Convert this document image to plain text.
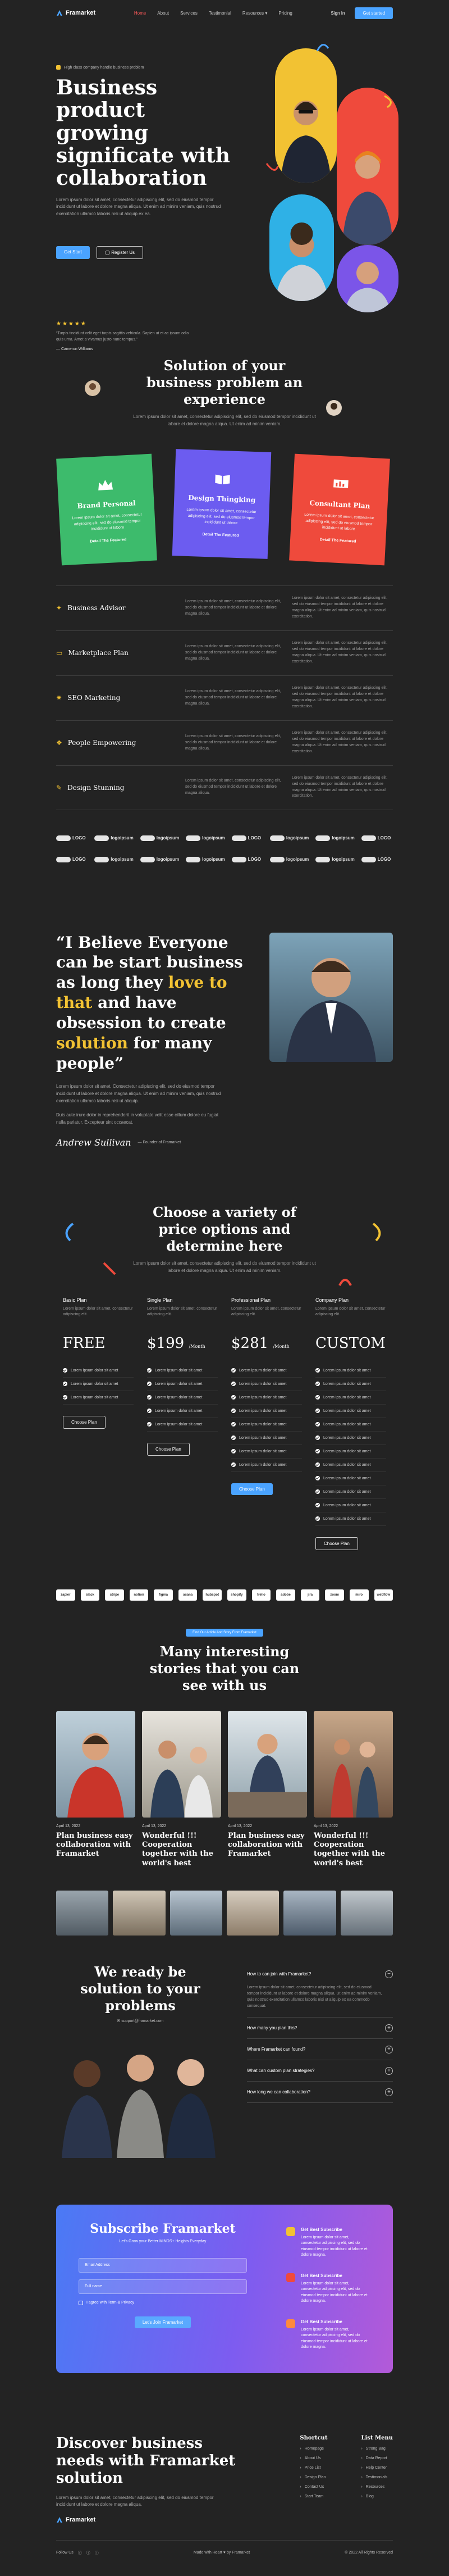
Framarket	Home	About	Services	Testimonial	Resources ▾	Pricing	Sign In	Get started
High class company handle business problem
Business product growing significate with collaboration

Lorem ipsum dolor sit amet, consectetur adipiscing elit, sed do eiusmod tempor incididunt ut labore et dolore magna aliqua. Ut enim ad minim veniam, quis nostrud exercitation ullamco laboris nisi ut aliquip ex ea.

Get Start	◯ Register Us
★★★★★

“Turpis tincidunt velit eget turpis sagittis vehicula. Sapien ut et ac ipsum odio quis urna. Amet a vivamus justo nunc tempus.”

— Cameron Williams

Solution of your business problem an experience

Lorem ipsum dolor sit amet, consectetur adipiscing elit, sed do eiusmod tempor incididunt ut labore et dolore magna aliqua. Ut enim ad minim veniam.

Brand Personal

Lorem ipsum dolor sit amet, consectetur adipiscing elit, sed do eiusmod tempor incididunt ut labore

Detail The Featured
Design Thingking

Lorem ipsum dolor sit amet, consectetur adipiscing elit, sed do eiusmod tempor incididunt ut labore

Detail The Featured
Consultant Plan

Lorem ipsum dolor sit amet, consectetur adipiscing elit, sed do eiusmod tempor incididunt ut labore

Detail The Featured
✦ Business Advisor

Lorem ipsum dolor sit amet, consectetur adipiscing elit, sed do eiusmod tempor incididunt ut labore et dolore magna aliqua.

Lorem ipsum dolor sit amet, consectetur adipiscing elit, sed do eiusmod tempor incididunt ut labore et dolore magna aliqua. Ut enim ad minim veniam, quis nostrud exercitation.

▭ Marketplace Plan

Lorem ipsum dolor sit amet, consectetur adipiscing elit, sed do eiusmod tempor incididunt ut labore et dolore magna aliqua.

Lorem ipsum dolor sit amet, consectetur adipiscing elit, sed do eiusmod tempor incididunt ut labore et dolore magna aliqua. Ut enim ad minim veniam, quis nostrud exercitation.

✷ SEO Marketing

Lorem ipsum dolor sit amet, consectetur adipiscing elit, sed do eiusmod tempor incididunt ut labore et dolore magna aliqua.

Lorem ipsum dolor sit amet, consectetur adipiscing elit, sed do eiusmod tempor incididunt ut labore et dolore magna aliqua. Ut enim ad minim veniam, quis nostrud exercitation.

❖ People Empowering

Lorem ipsum dolor sit amet, consectetur adipiscing elit, sed do eiusmod tempor incididunt ut labore et dolore magna aliqua.

Lorem ipsum dolor sit amet, consectetur adipiscing elit, sed do eiusmod tempor incididunt ut labore et dolore magna aliqua. Ut enim ad minim veniam, quis nostrud exercitation.

✎ Design Stunning

Lorem ipsum dolor sit amet, consectetur adipiscing elit, sed do eiusmod tempor incididunt ut labore et dolore magna aliqua.

Lorem ipsum dolor sit amet, consectetur adipiscing elit, sed do eiusmod tempor incididunt ut labore et dolore magna aliqua. Ut enim ad minim veniam, quis nostrud exercitation.

LOGO	logoipsum	logoipsum	logoipsum	LOGO	logoipsum	logoipsum	LOGO
LOGO	logoipsum	logoipsum	logoipsum	LOGO	logoipsum	logoipsum	LOGO
“I Believe Everyone can be start business as long they love to that and have obsession to create solution for many people”

Lorem ipsum dolor sit amet. Consectetur adipiscing elit, sed do eiusmod tempor incididunt ut labore et dolore magna aliqua. Ut enim ad minim veniam, quis nostrud exercitation ullamco laboris nisi ut aliquip.

Duis aute irure dolor in reprehenderit in voluptate velit esse cillum dolore eu fugiat nulla pariatur. Excepteur sint occaecat.

Andrew Sullivan — Founder of Framarket
Choose a variety of price options and determine here

Lorem ipsum dolor sit amet, consectetur adipiscing elit, sed do eiusmod tempor incididunt ut labore et dolore magna aliqua. Ut enim ad minim veniam.

Basic Plan

Lorem ipsum dolor sit amet, consectetur adipiscing elit.

FREE
Lorem ipsum dolor sit amet
Lorem ipsum dolor sit amet
Lorem ipsum dolor sit amet
Choose Plan
Single Plan

Lorem ipsum dolor sit amet, consectetur adipiscing elit.

$199 /Month
Lorem ipsum dolor sit amet
Lorem ipsum dolor sit amet
Lorem ipsum dolor sit amet
Lorem ipsum dolor sit amet
Lorem ipsum dolor sit amet
Choose Plan
Professional Plan

Lorem ipsum dolor sit amet, consectetur adipiscing elit.

$281 /Month
Lorem ipsum dolor sit amet
Lorem ipsum dolor sit amet
Lorem ipsum dolor sit amet
Lorem ipsum dolor sit amet
Lorem ipsum dolor sit amet
Lorem ipsum dolor sit amet
Lorem ipsum dolor sit amet
Lorem ipsum dolor sit amet
Choose Plan
Company Plan

Lorem ipsum dolor sit amet, consectetur adipiscing elit.

CUSTOM
Lorem ipsum dolor sit amet
Lorem ipsum dolor sit amet
Lorem ipsum dolor sit amet
Lorem ipsum dolor sit amet
Lorem ipsum dolor sit amet
Lorem ipsum dolor sit amet
Lorem ipsum dolor sit amet
Lorem ipsum dolor sit amet
Lorem ipsum dolor sit amet
Lorem ipsum dolor sit amet
Lorem ipsum dolor sit amet
Lorem ipsum dolor sit amet
Choose Plan
zapier	slack	stripe	notion	figma	asana	hubspot	shopify	trello	adobe	jira	zoom	miro	webflow
Find Our Article And Story From Framarket
Many interesting stories that you can see with us

April 13, 2022

Plan business easy collaboration with Framarket

April 13, 2022

Wonderful !!! Cooperation together with the world's best

April 13, 2022

Plan business easy collaboration with Framarket

April 13, 2022

Wonderful !!! Cooperation together with the world's best
We ready be solution to your problems

✉ support@framarket.com

How to can join with Framarket?	−

Lorem ipsum dolor sit amet, consectetur adipiscing elit, sed do eiusmod tempor incididunt ut labore et dolore magna aliqua. Ut enim ad minim veniam, quis nostrud exercitation ullamco laboris nisi ut aliquip ex ea commodo consequat.

How many you plan this?	+
Where Framarket can found?	+
What can custom plan strategies?	+
How long we can collaboration?	+
Subscribe Framarket

Let's Grow your Better MINDS+ Heights Everyday

Email Address
Full name
I agree with Term & Privacy
Let's Join Framarket
Get Best Subscribe

Lorem ipsum dolor sit amet, consectetur adipiscing elit, sed do eiusmod tempor incididunt ut labore et dolore magna.

Get Best Subscribe

Lorem ipsum dolor sit amet, consectetur adipiscing elit, sed do eiusmod tempor incididunt ut labore et dolore magna.

Get Best Subscribe

Lorem ipsum dolor sit amet, consectetur adipiscing elit, sed do eiusmod tempor incididunt ut labore et dolore magna.

Discover business needs with Framarket solution

Lorem ipsum dolor sit amet, consectetur adipiscing elit, sed do eiusmod tempor incididunt ut labore et dolore magna aliqua.

Framarket
Shortcut
› Homepage
› About Us
› Price List
› Design Plan
› Contact Us
› Start Team
List Menu
› Strong Bag
› Data Report
› Help Center
› Testimonials
› Resources
› Blog
Follow Us ⓕ ⓣ ⓘ	Made with Heart ♥ by Framarket	© 2022 All Rights Reserved
